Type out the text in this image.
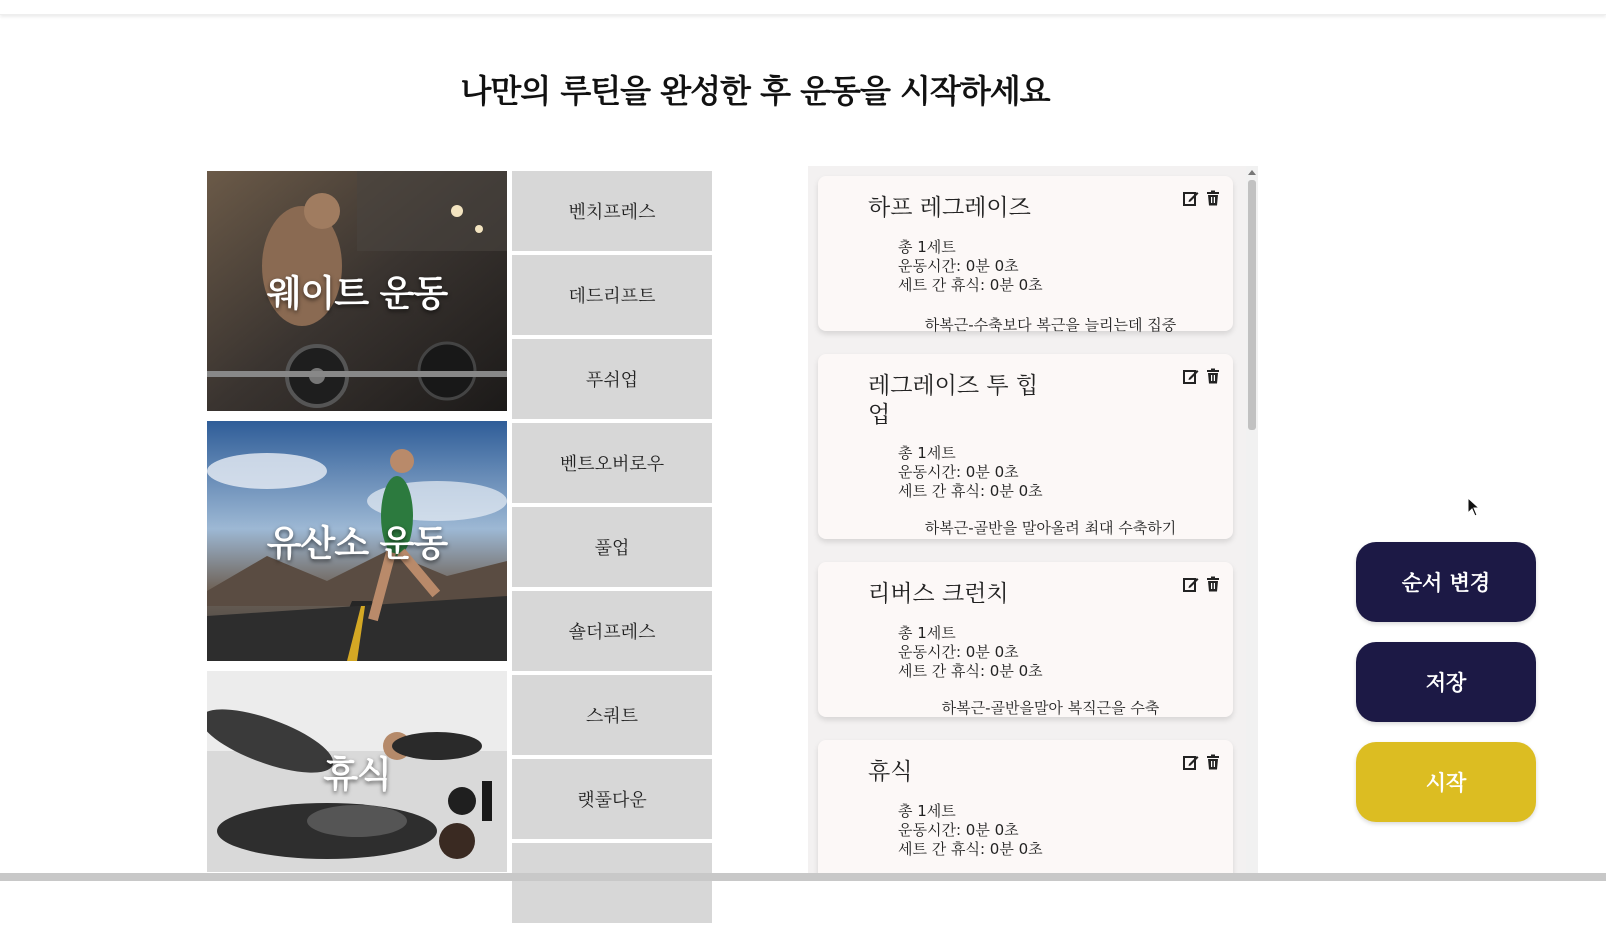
나만의 루틴을 완성한 후 운동을 시작하세요
웨이트 운동
유산소 운동
휴식
벤치프레스
데드리프트
푸쉬업
벤트오버로우
풀업
숄더프레스
스쿼트
랫풀다운
하프 레그레이즈
총 1세트
운동시간: 0분 0초
세트 간 휴식: 0분 0초
하복근-수축보다 복근을 늘리는데 집중
레그레이즈 투 힙업
총 1세트
운동시간: 0분 0초
세트 간 휴식: 0분 0초
하복근-골반을 말아올려 최대 수축하기
리버스 크런치
총 1세트
운동시간: 0분 0초
세트 간 휴식: 0분 0초
하복근-골반을말아 복직근을 수축
휴식
총 1세트
운동시간: 0분 0초
세트 간 휴식: 0분 0초
순서 변경
저장
시작
